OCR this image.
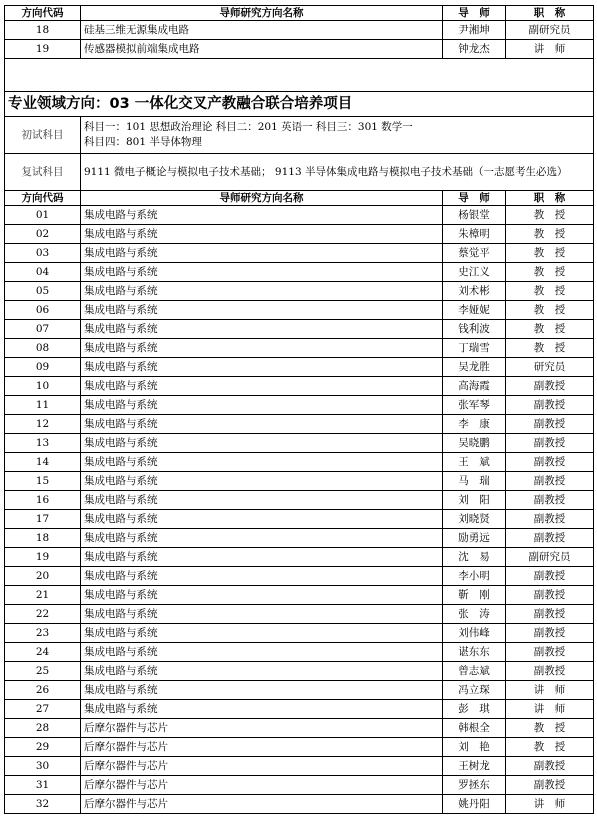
方向代码	导师研究方向名称	导　师	职　称
18	硅基三维无源集成电路	尹湘坤	副研究员
19	传感器模拟前端集成电路	钟龙杰	讲　师

专业领域方向：03 一体化交叉产教融合联合培养项目			
初试科目	科目一：101 思想政治理论 科目二：201 英语一 科目三：301 数学一
科目四：801 半导体物理		

复试科目	9111 微电子概论与模拟电子技术基础； 9113 半导体集成电路与模拟电子技术基础（一志愿考生必选）		
方向代码	导师研究方向名称	导　师	职　称
01	集成电路与系统	杨银堂	教　授
02	集成电路与系统	朱樟明	教　授
03	集成电路与系统	蔡觉平	教　授
04	集成电路与系统	史江义	教　授
05	集成电路与系统	刘术彬	教　授
06	集成电路与系统	李娅妮	教　授
07	集成电路与系统	钱利波	教　授
08	集成电路与系统	丁瑞雪	教　授
09	集成电路与系统	吴龙胜	研究员
10	集成电路与系统	高海霞	副教授
11	集成电路与系统	张军琴	副教授
12	集成电路与系统	李　康	副教授
13	集成电路与系统	吴晓鹏	副教授
14	集成电路与系统	王　斌	副教授
15	集成电路与系统	马　瑞	副教授
16	集成电路与系统	刘　阳	副教授
17	集成电路与系统	刘晓贤	副教授
18	集成电路与系统	励勇远	副教授
19	集成电路与系统	沈　易	副研究员
20	集成电路与系统	李小明	副教授
21	集成电路与系统	靳　刚	副教授
22	集成电路与系统	张　涛	副教授
23	集成电路与系统	刘伟峰	副教授
24	集成电路与系统	谌东东	副教授
25	集成电路与系统	曾志斌	副教授
26	集成电路与系统	冯立琛	讲　师
27	集成电路与系统	彭　琪	讲　师
28	后摩尔器件与芯片	韩根全	教　授
29	后摩尔器件与芯片	刘　艳	教　授
30	后摩尔器件与芯片	王树龙	副教授
31	后摩尔器件与芯片	罗拯东	副教授
32	后摩尔器件与芯片	姚丹阳	讲　师
